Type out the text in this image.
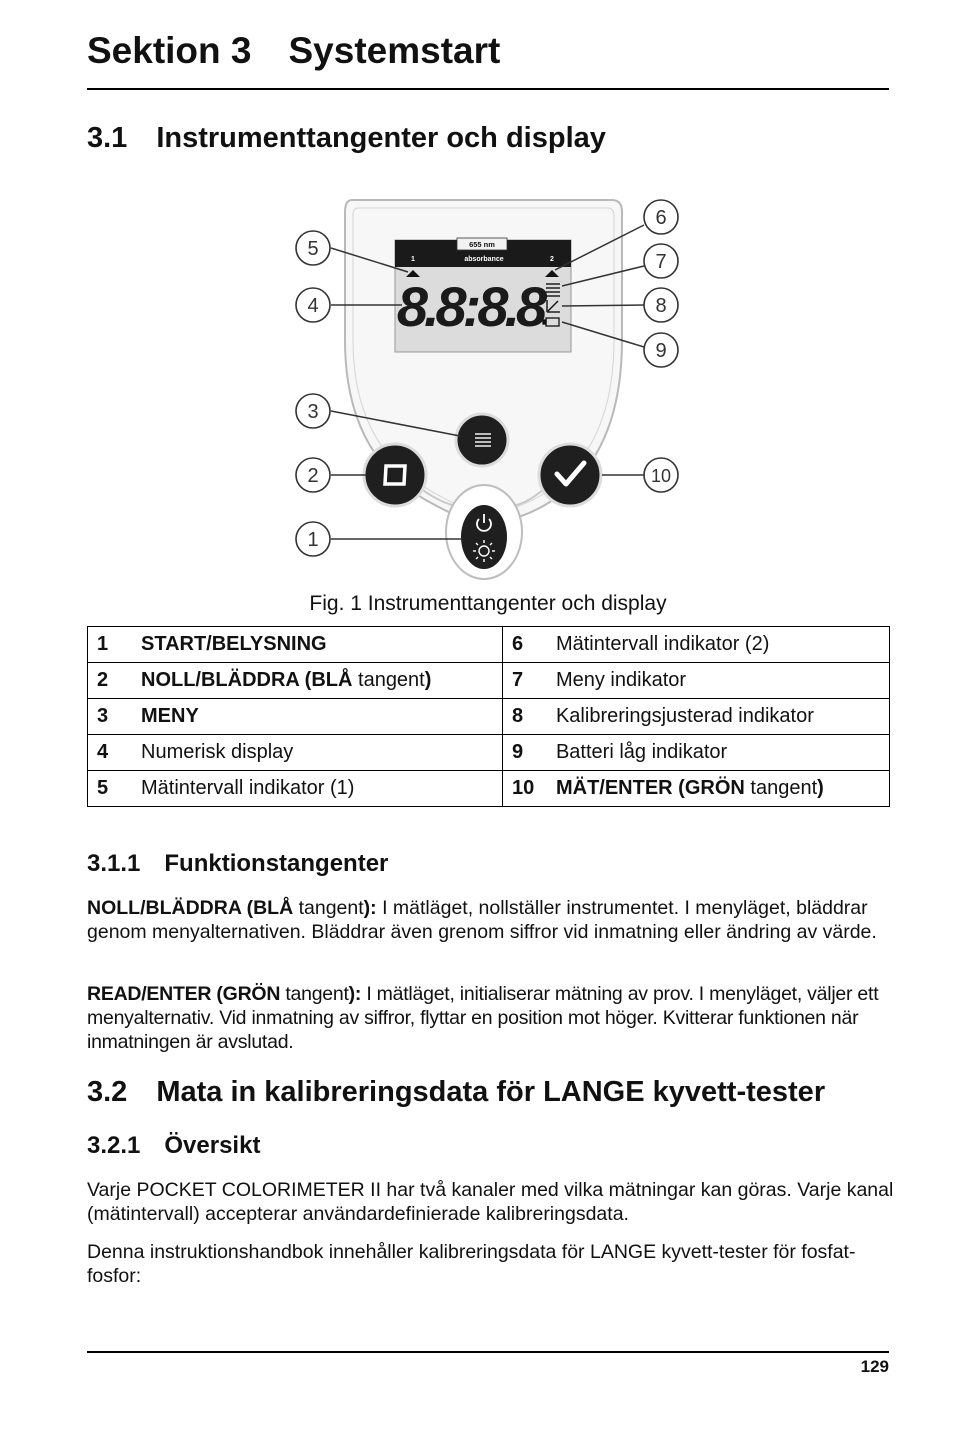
Sektion 3 Systemstart
3.1 Instrumenttangenter och display
655 nm
1	absorbance	2
8.8:8.8
1
2
3
4
5
6
7
8
9
10
Fig. 1 Instrumenttangenter och display
1	START/BELYSNING	6	Mätintervall indikator (2)
2	NOLL/BLÄDDRA (BLÅ tangent)	7	Meny indikator
3	MENY	8	Kalibreringsjusterad indikator
4	Numerisk display	9	Batteri låg indikator
5	Mätintervall indikator (1)	10	MÄT/ENTER (GRÖN tangent)
3.1.1 Funktionstangenter
NOLL/BLÄDDRA (BLÅ tangent): I mätläget, nollställer instrumentet. I menyläget, bläddrar genom menyalternativen. Bläddrar även grenom siffror vid inmatning eller ändring av värde.
READ/ENTER (GRÖN tangent): I mätläget, initialiserar mätning av prov. I menyläget, väljer ett menyalternativ. Vid inmatning av siffror, flyttar en position mot höger. Kvitterar funktionen när inmatningen är avslutad.
3.2 Mata in kalibreringsdata för LANGE kyvett-tester
3.2.1 Översikt
Varje POCKET COLORIMETER II har två kanaler med vilka mätningar kan göras. Varje kanal (mätintervall) accepterar användardefinierade kalibreringsdata.
Denna instruktionshandbok innehåller kalibreringsdata för LANGE kyvett-tester för fosfat-fosfor:
129
